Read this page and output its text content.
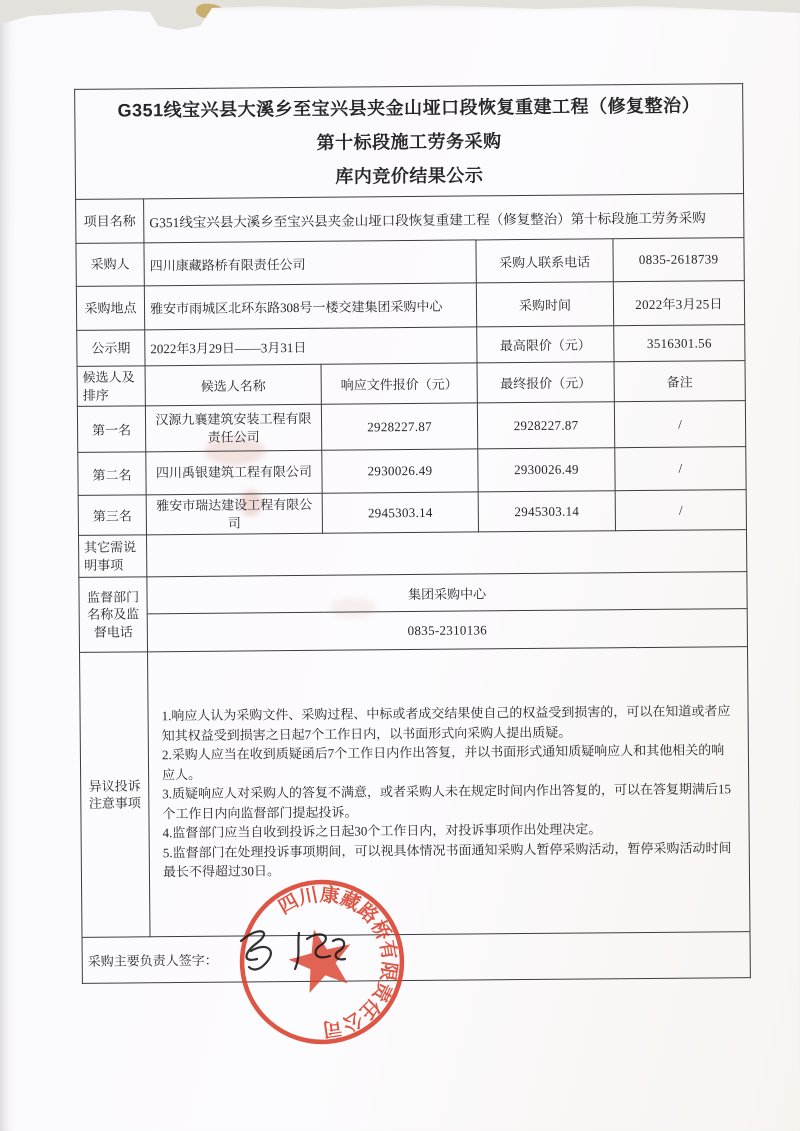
G351线宝兴县大溪乡至宝兴县夹金山垭口段恢复重建工程（修复整治）
第十标段施工劳务采购
库内竞价结果公示				

项目名称	G351线宝兴县大溪乡至宝兴县夹金山垭口段恢复重建工程（修复整治）第十标段施工劳务采购			
采购人	四川康藏路桥有限责任公司		采购人联系电话	0835-2618739
采购地点	雅安市雨城区北环东路308号一楼交建集团采购中心		采购时间	2022年3月25日
公示期	2022年3月29日——3月31日		最高限价（元）	3516301.56
候选人及排序	候选人名称	响应文件报价（元）	最终报价（元）	备注
第一名	汉源九襄建筑安装工程有限责任公司	2928227.87	2928227.87	/
第二名	四川禹银建筑工程有限公司	2930026.49	2930026.49	/
第三名	雅安市瑞达建设工程有限公司	2945303.14	2945303.14	/
其它需说明事项				
监督部门名称及监督电话	集团采购中心			
	0835-2310136			
异议投诉注意事项	1.响应人认为采购文件、采购过程、中标或者成交结果使自己的权益受到损害的，可以在知道或者应知其权益受到损害之日起7个工作日内，以书面形式向采购人提出质疑。

2.采购人应当在收到质疑函后7个工作日内作出答复，并以书面形式通知质疑响应人和其他相关的响应人。

3.质疑响应人对采购人的答复不满意，或者采购人未在规定时间内作出答复的，可以在答复期满后15个工作日内向监督部门提起投诉。

4.监督部门应当自收到投诉之日起30个工作日内，对投诉事项作出处理决定。

5.监督部门在处理投诉事项期间，可以视具体情况书面通知采购人暂停采购活动，暂停采购活动时间最长不得超过30日。			

采购主要负责人签字：				
四川康藏路桥有限责任公司
